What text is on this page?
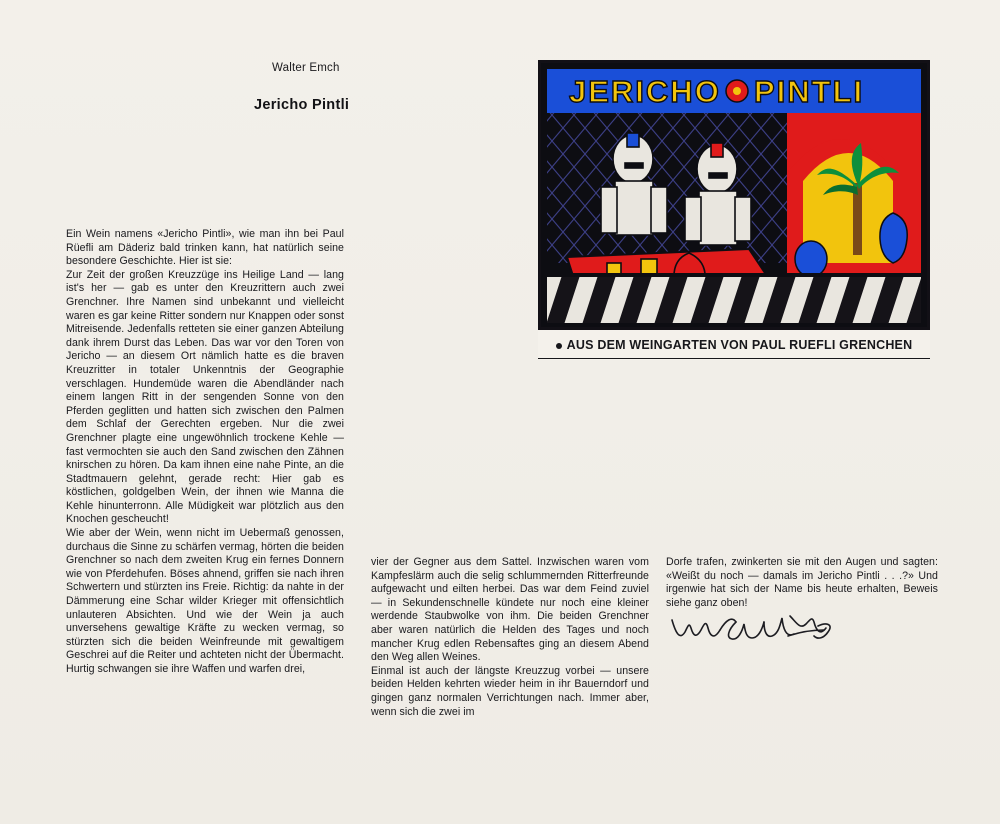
Walter Emch
Jericho Pintli	JERICHO PINTLI
AUS DEM WEINGARTEN VON PAUL RUEFLI GRENCHEN

Ein Wein namens «Jericho Pintli», wie man ihn bei Paul Rüefli am Däderiz bald trinken kann, hat natürlich seine besondere Geschichte. Hier ist sie:

Zur Zeit der großen Kreuzzüge ins Heilige Land — lang ist's her — gab es unter den Kreuzrittern auch zwei Grenchner. Ihre Namen sind unbekannt und vielleicht waren es gar keine Ritter sondern nur Knappen oder sonst Mitreisende. Jedenfalls retteten sie einer ganzen Abteilung dank ihrem Durst das Leben. Das war vor den Toren von Jericho — an diesem Ort nämlich hatte es die braven Kreuzritter in totaler Unkenntnis der Geographie verschlagen. Hundemüde waren die Abendländer nach einem langen Ritt in der sengenden Sonne von den Pferden geglitten und hatten sich zwischen den Palmen dem Schlaf der Gerechten ergeben. Nur die zwei Grenchner plagte eine ungewöhnlich trockene Kehle — fast vermochten sie auch den Sand zwischen den Zähnen knirschen zu hören. Da kam ihnen eine nahe Pinte, an die Stadtmauern gelehnt, gerade recht: Hier gab es köstlichen, goldgelben Wein, der ihnen wie Manna die Kehle hinunterronn. Alle Müdigkeit war plötzlich aus den Knochen gescheucht!

Wie aber der Wein, wenn nicht im Uebermaß genossen, durchaus die Sinne zu schärfen vermag, hörten die beiden Grenchner so nach dem zweiten Krug ein fernes Donnern wie von Pferdehufen. Böses ahnend, griffen sie nach ihren Schwertern und stürzten ins Freie. Richtig: da nahte in der Dämmerung eine Schar wilder Krieger mit offensichtlich unlauteren Absichten. Und wie der Wein ja auch unversehens gewaltige Kräfte zu wecken vermag, so stürzten sich die beiden Weinfreunde mit gewaltigem Geschrei auf die Reiter und achteten nicht der Übermacht. Hurtig schwangen sie ihre Waffen und warfen drei,

vier der Gegner aus dem Sattel. Inzwischen waren vom Kampfeslärm auch die selig schlummernden Ritterfreunde aufgewacht und eilten herbei. Das war dem Feind zuviel — in Sekundenschnelle kündete nur noch eine kleiner werdende Staubwolke von ihm. Die beiden Grenchner aber waren natürlich die Helden des Tages und noch mancher Krug edlen Rebensaftes ging an diesem Abend den Weg allen Weines.

Einmal ist auch der längste Kreuzzug vorbei — unsere beiden Helden kehrten wieder heim in ihr Bauerndorf und gingen ganz normalen Verrichtungen nach. Immer aber, wenn sich die zwei im

Dorfe trafen, zwinkerten sie mit den Augen und sagten: «Weißt du noch — damals im Jericho Pintli . . .?» Und irgenwie hat sich der Name bis heute erhalten, Beweis siehe ganz oben!
